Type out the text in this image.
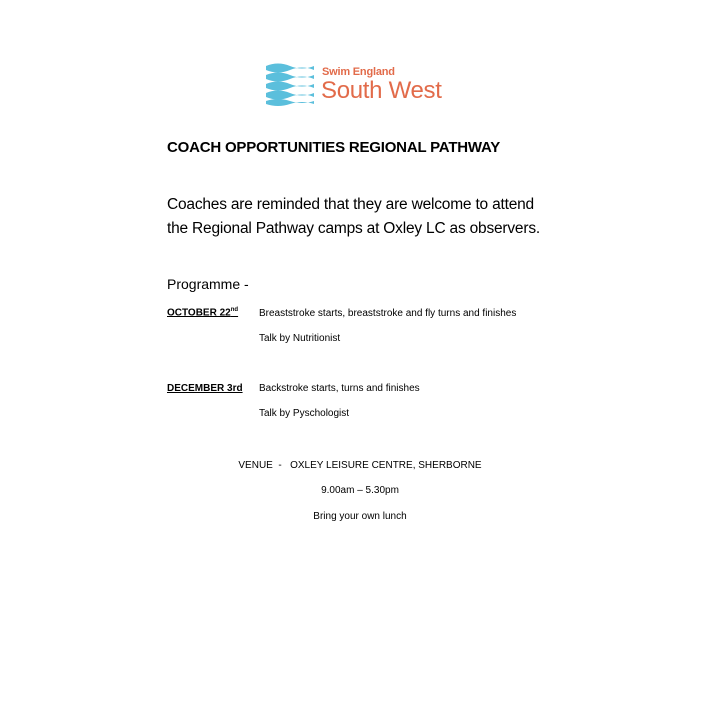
Swim England
South West
COACH OPPORTUNITIES REGIONAL PATHWAY
Coaches are reminded that they are welcome to attend
the Regional Pathway camps at Oxley LC as observers.
Programme -
OCTOBER 22nd Breaststroke starts, breaststroke and fly turns and finishes
Talk by Nutritionist
DECEMBER 3rd Backstroke starts, turns and finishes
Talk by Pyschologist
VENUE  -   OXLEY LEISURE CENTRE, SHERBORNE
9.00am – 5.30pm
Bring your own lunch
